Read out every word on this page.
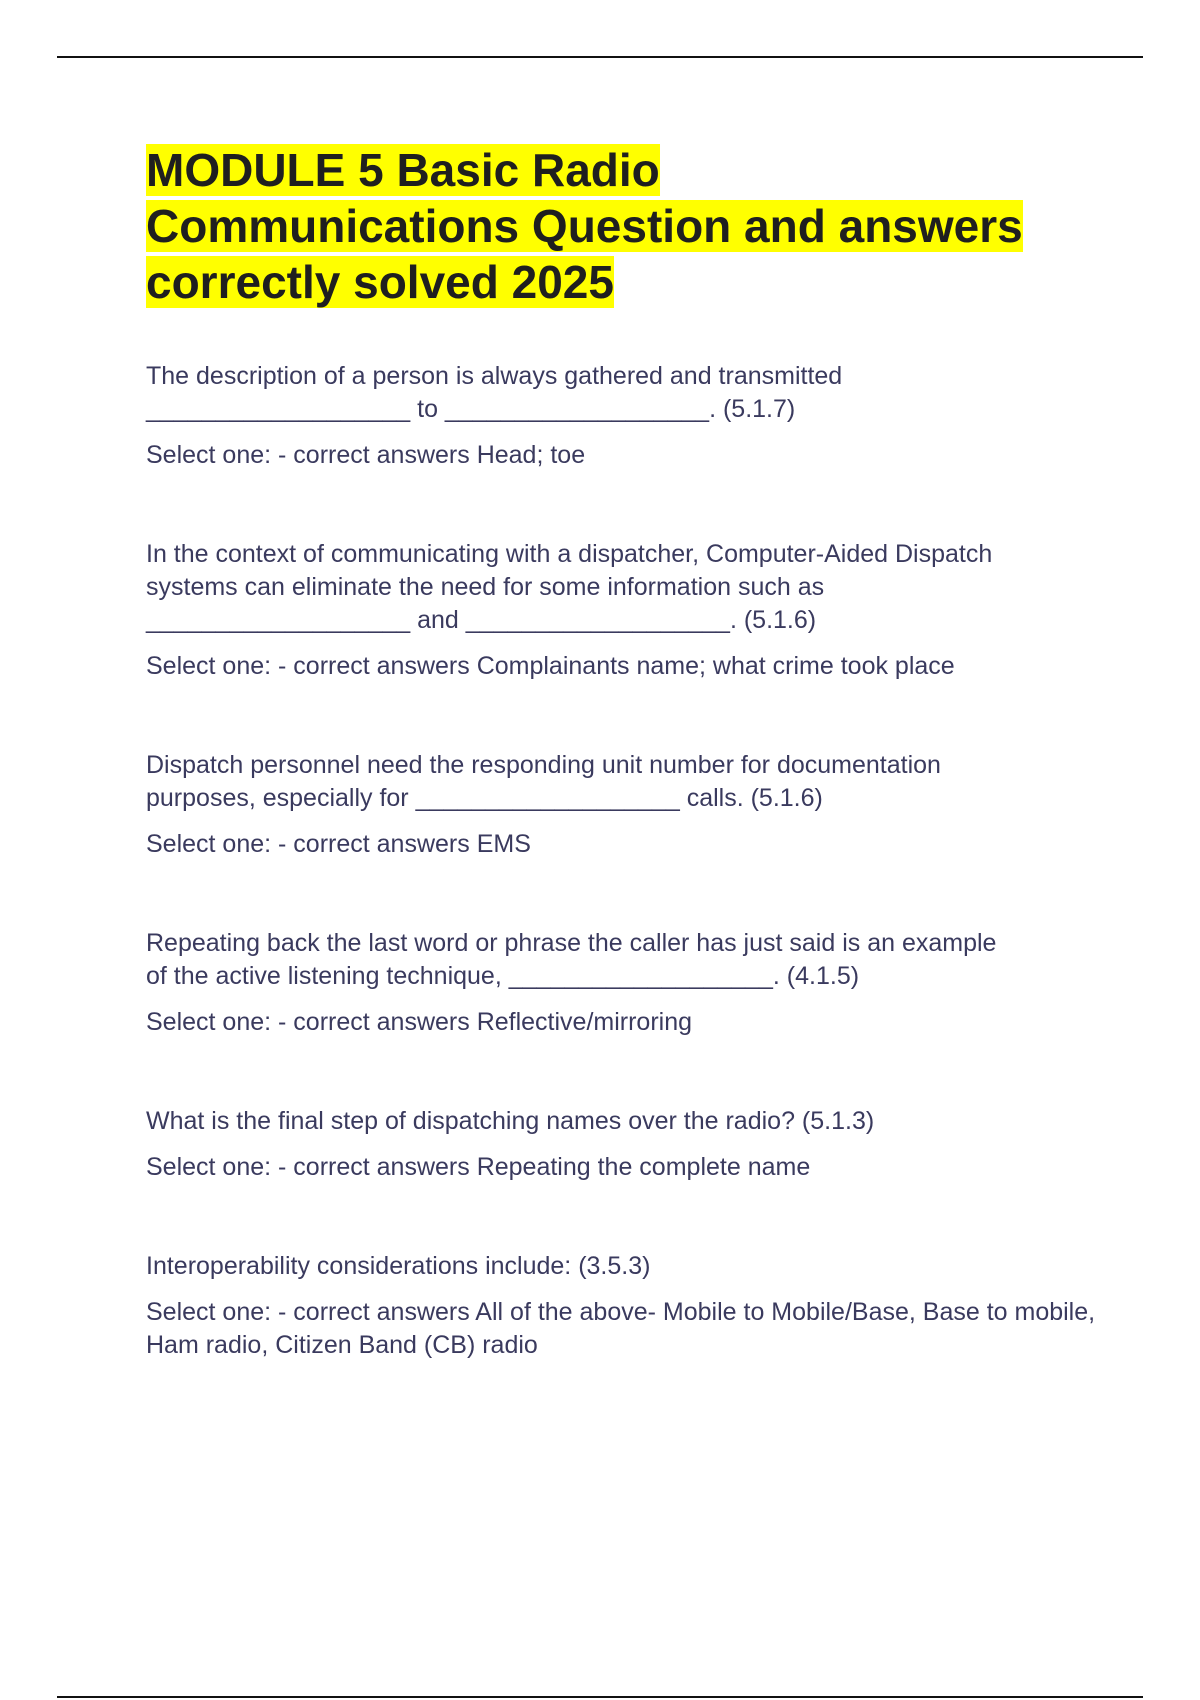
MODULE 5 Basic Radio
Communications Question and answers
correctly solved 2025

The description of a person is always gathered and transmitted
___________________ to ___________________. (5.1.7)

Select one: - correct answers Head; toe

In the context of communicating with a dispatcher, Computer-Aided Dispatch
systems can eliminate the need for some information such as
___________________ and ___________________. (5.1.6)

Select one: - correct answers Complainants name; what crime took place

Dispatch personnel need the responding unit number for documentation
purposes, especially for ___________________ calls. (5.1.6)

Select one: - correct answers EMS

Repeating back the last word or phrase the caller has just said is an example
of the active listening technique, ___________________. (4.1.5)

Select one: - correct answers Reflective/mirroring

What is the final step of dispatching names over the radio? (5.1.3)

Select one: - correct answers Repeating the complete name

Interoperability considerations include: (3.5.3)

Select one: - correct answers All of the above- Mobile to Mobile/Base, Base to mobile, Ham radio, Citizen Band (CB) radio
